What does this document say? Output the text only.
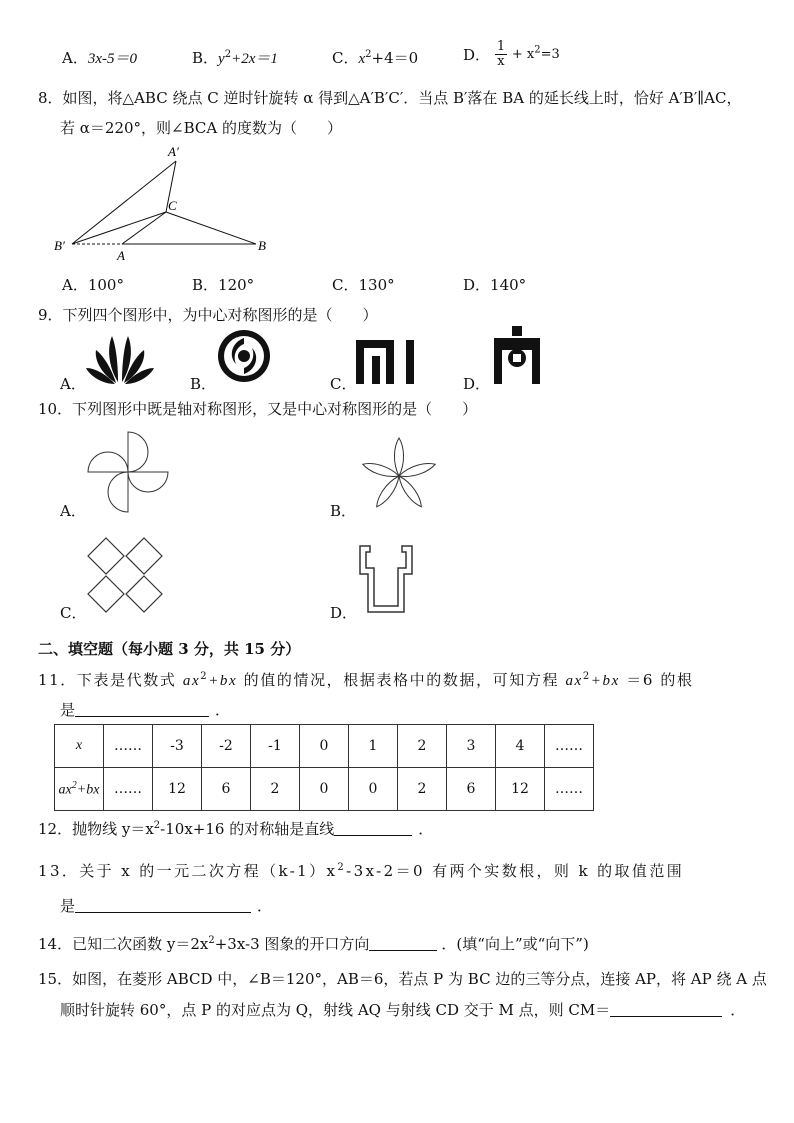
A．3x-5＝0	B．$y^2+2x=1$	C．$x^2+4=0$	D． $\frac{1}{x} + x^2=3$
8．如图，将△ABC 绕点 C 逆时针旋转 α 得到△A′B′C′．当点 B′落在 BA 的延长线上时，恰好 A′B′∥AC，
若 α＝220°，则∠BCA 的度数为（　　）
A′
C
B′
A
B
A．100°	B．120°	C．130°	D．140°
9．下列四个图形中，为中心对称图形的是（　　）
A．	B．	C．	D．
10．下列图形中既是轴对称图形，又是中心对称图形的是（　　）
A．	B．
C．	D．
二、填空题（每小题 3 分，共 15 分）
11．下表是代数式 $ax^2+bx$ 的值的情况，根据表格中的数据，可知方程 $ax^2+bx =6$ 的根
是	．
x	……	-3	-2	-1	0	1	2	3	4	……
$ax^2+bx$	……	12	6	2	0	0	2	6	12	……
12．抛物线 $y=x^2-10x+16$ 的对称轴是直线	．
13．关于 x 的一元二次方程$(k-1)x^2-3x-2=0$ 有两个实数根，则 k 的取值范围
是	．
14．已知二次函数 $y=2x^2+3x-3$ 图象的开口方向	．(填“向上”或“向下”)
15．如图，在菱形 ABCD 中，∠B＝120°，AB＝6，若点 P 为 BC 边的三等分点，连接 AP，将 AP 绕 A 点
顺时针旋转 60°，点 P 的对应点为 Q，射线 AQ 与射线 CD 交于 M 点，则 CM＝	．
